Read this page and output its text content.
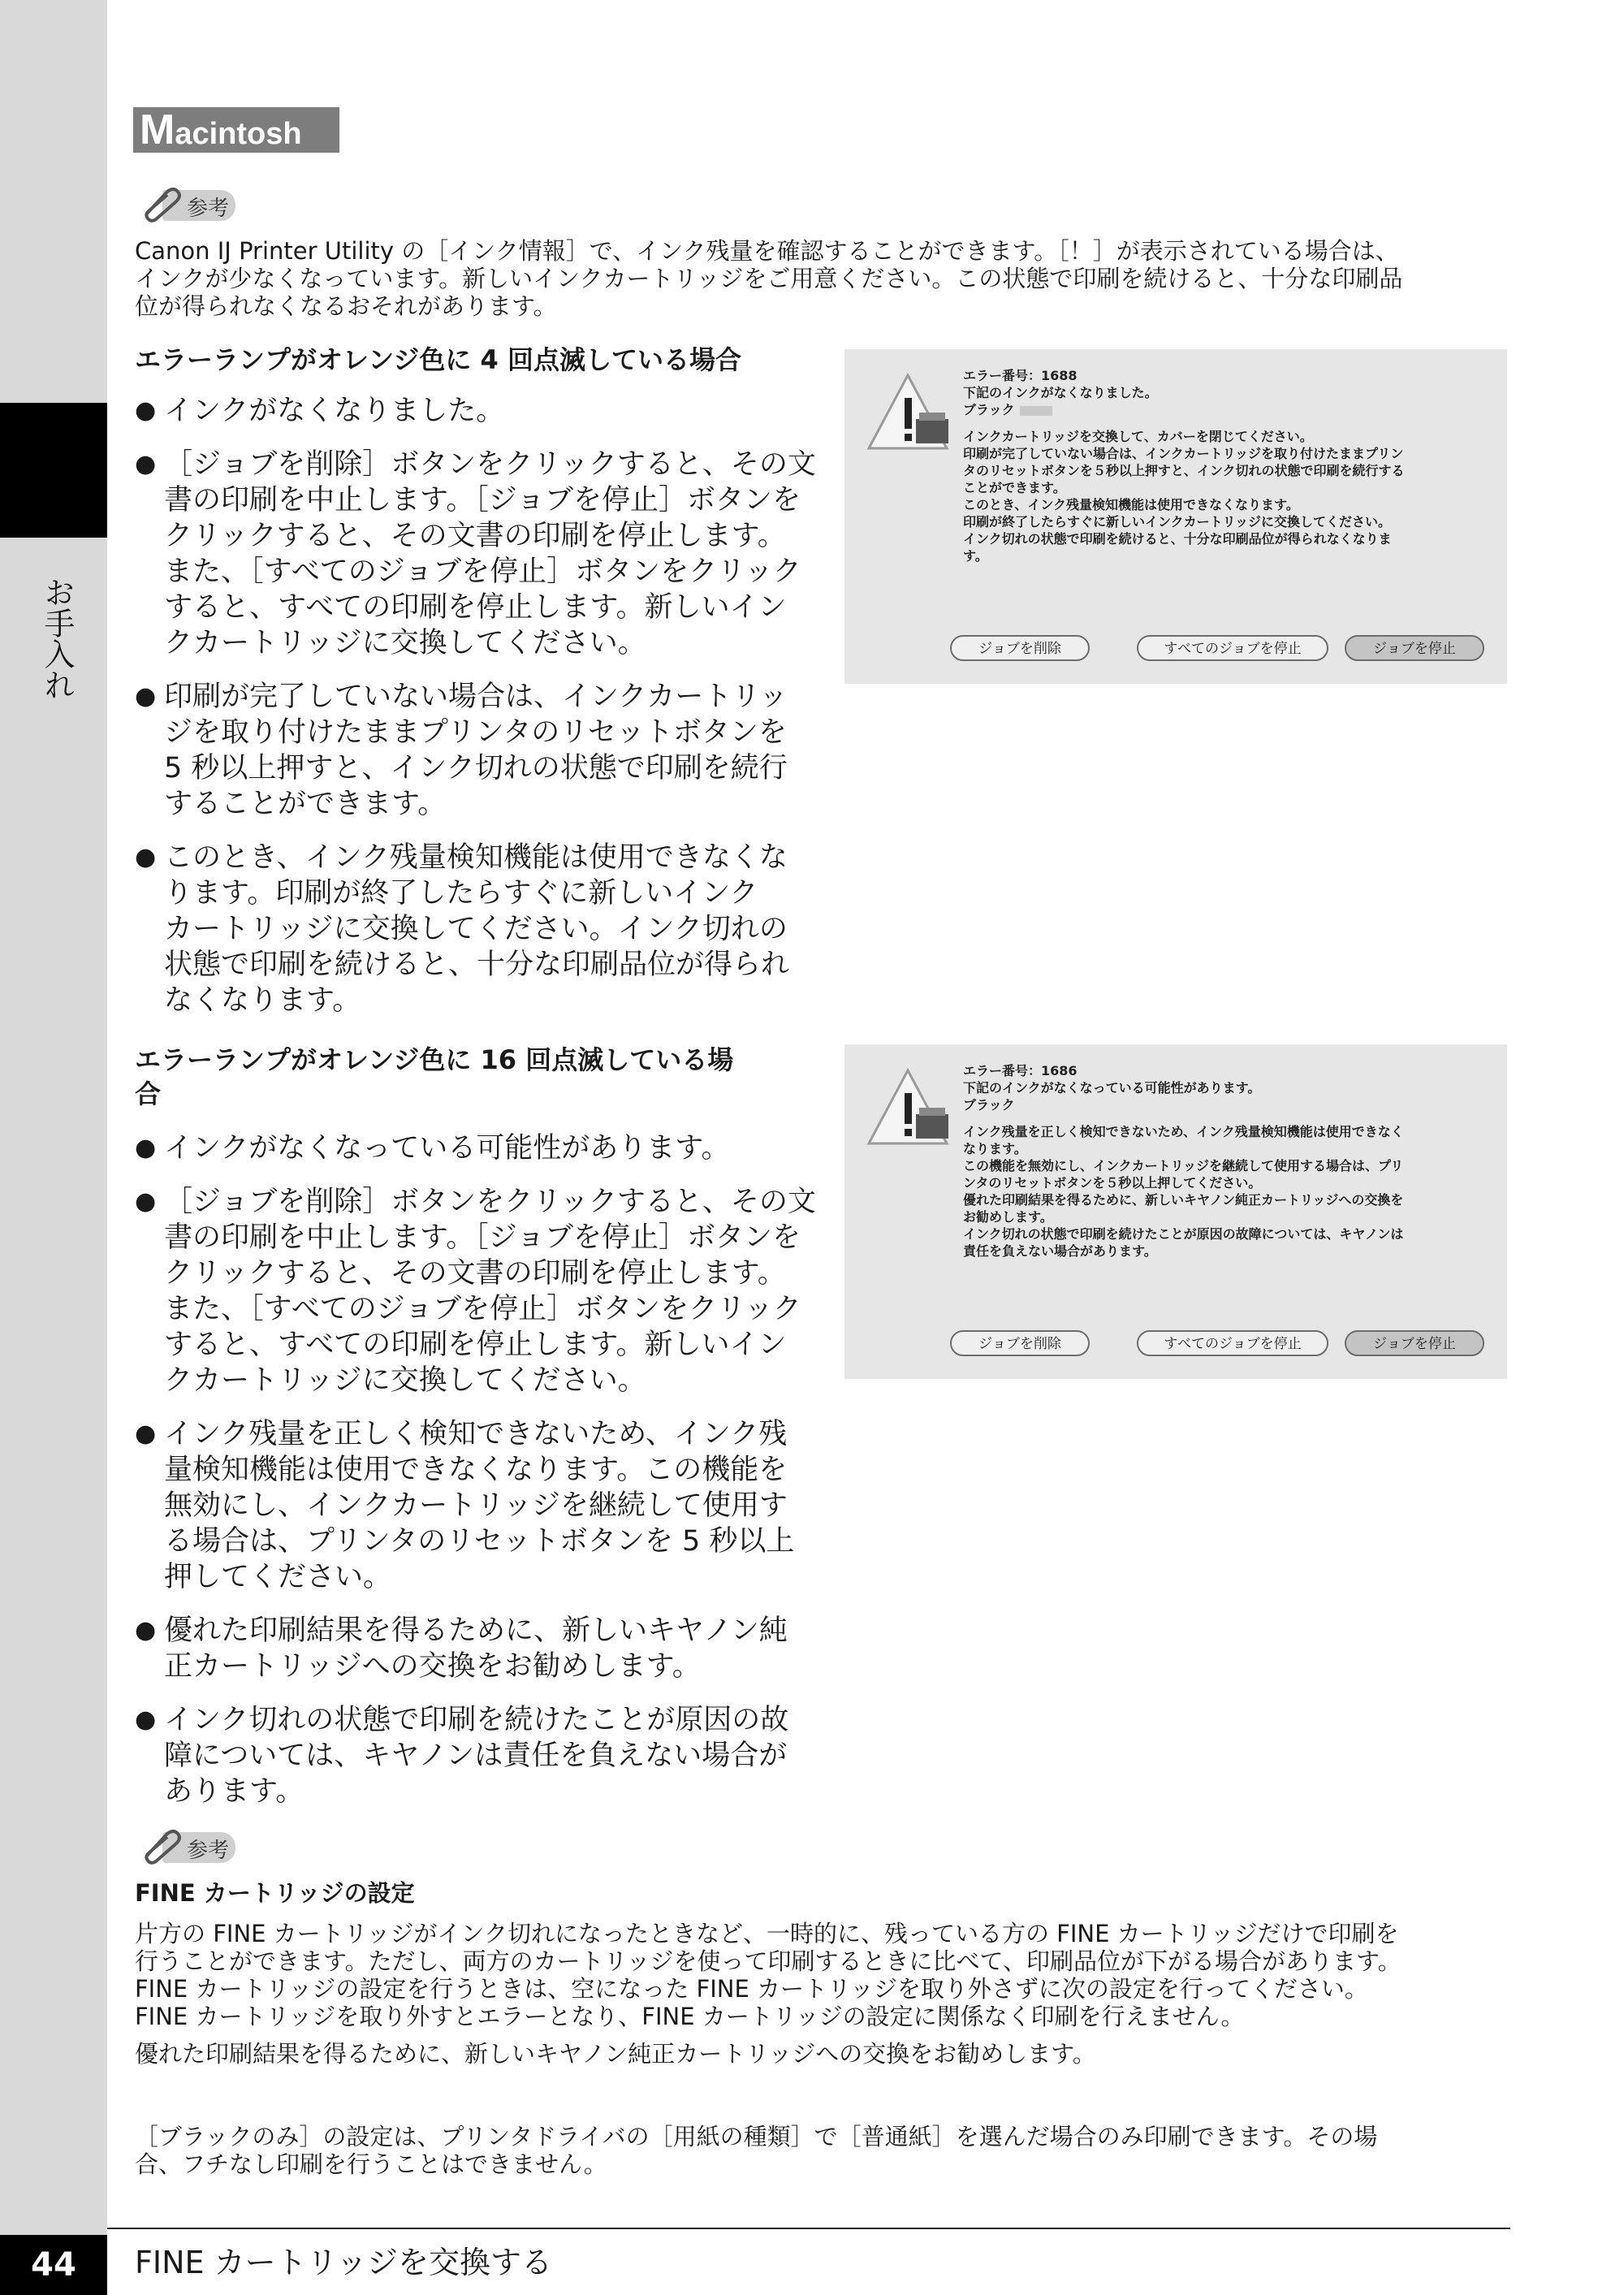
お手入れ
Macintosh
参考
Canon IJ Printer Utility の［インク情報］で、インク残量を確認することができます。［！］が表示されている場合は、
インクが少なくなっています。新しいインクカートリッジをご用意ください。この状態で印刷を続けると、十分な印刷品
位が得られなくなるおそれがあります。
エラーランプがオレンジ色に 4 回点滅している場合
● インクがなくなりました。
● ［ジョブを削除］ボタンをクリックすると、その文
書の印刷を中止します。［ジョブを停止］ボタンを
クリックすると、その文書の印刷を停止します。
また、［すべてのジョブを停止］ボタンをクリック
すると、すべての印刷を停止します。新しいイン
クカートリッジに交換してください。
● 印刷が完了していない場合は、インクカートリッ
ジを取り付けたままプリンタのリセットボタンを
5 秒以上押すと、インク切れの状態で印刷を続行
することができます。
● このとき、インク残量検知機能は使用できなくな
ります。印刷が終了したらすぐに新しいインク
カートリッジに交換してください。インク切れの
状態で印刷を続けると、十分な印刷品位が得られ
なくなります。
エラー番号：1688
下記のインクがなくなりました。
ブラック
インクカートリッジを交換して、カバーを閉じてください。
印刷が完了していない場合は、インクカートリッジを取り付けたままプリン
タのリセットボタンを５秒以上押すと、インク切れの状態で印刷を続行する
ことができます。
このとき、インク残量検知機能は使用できなくなります。
印刷が終了したらすぐに新しいインクカートリッジに交換してください。
インク切れの状態で印刷を続けると、十分な印刷品位が得られなくなりま
す。
ジョブを削除	すべてのジョブを停止	ジョブを停止
エラーランプがオレンジ色に 16 回点滅している場
合
● インクがなくなっている可能性があります。
● ［ジョブを削除］ボタンをクリックすると、その文
書の印刷を中止します。［ジョブを停止］ボタンを
クリックすると、その文書の印刷を停止します。
また、［すべてのジョブを停止］ボタンをクリック
すると、すべての印刷を停止します。新しいイン
クカートリッジに交換してください。
● インク残量を正しく検知できないため、インク残
量検知機能は使用できなくなります。この機能を
無効にし、インクカートリッジを継続して使用す
る場合は、プリンタのリセットボタンを 5 秒以上
押してください。
● 優れた印刷結果を得るために、新しいキヤノン純
正カートリッジへの交換をお勧めします。
● インク切れの状態で印刷を続けたことが原因の故
障については、キヤノンは責任を負えない場合が
あります。
エラー番号：1686
下記のインクがなくなっている可能性があります。
ブラック
インク残量を正しく検知できないため、インク残量検知機能は使用できなく
なります。
この機能を無効にし、インクカートリッジを継続して使用する場合は、プリ
ンタのリセットボタンを５秒以上押してください。
優れた印刷結果を得るために、新しいキヤノン純正カートリッジへの交換を
お勧めします。
インク切れの状態で印刷を続けたことが原因の故障については、キヤノンは
責任を負えない場合があります。
ジョブを削除	すべてのジョブを停止	ジョブを停止
参考
FINE カートリッジの設定
片方の FINE カートリッジがインク切れになったときなど、一時的に、残っている方の FINE カートリッジだけで印刷を
行うことができます。ただし、両方のカートリッジを使って印刷するときに比べて、印刷品位が下がる場合があります。
FINE カートリッジの設定を行うときは、空になった FINE カートリッジを取り外さずに次の設定を行ってください。
FINE カートリッジを取り外すとエラーとなり、FINE カートリッジの設定に関係なく印刷を行えません。
優れた印刷結果を得るために、新しいキヤノン純正カートリッジへの交換をお勧めします。
［ブラックのみ］の設定は、プリンタドライバの［用紙の種類］で［普通紙］を選んだ場合のみ印刷できます。その場
合、フチなし印刷を行うことはできません。
44	FINE カートリッジを交換する
